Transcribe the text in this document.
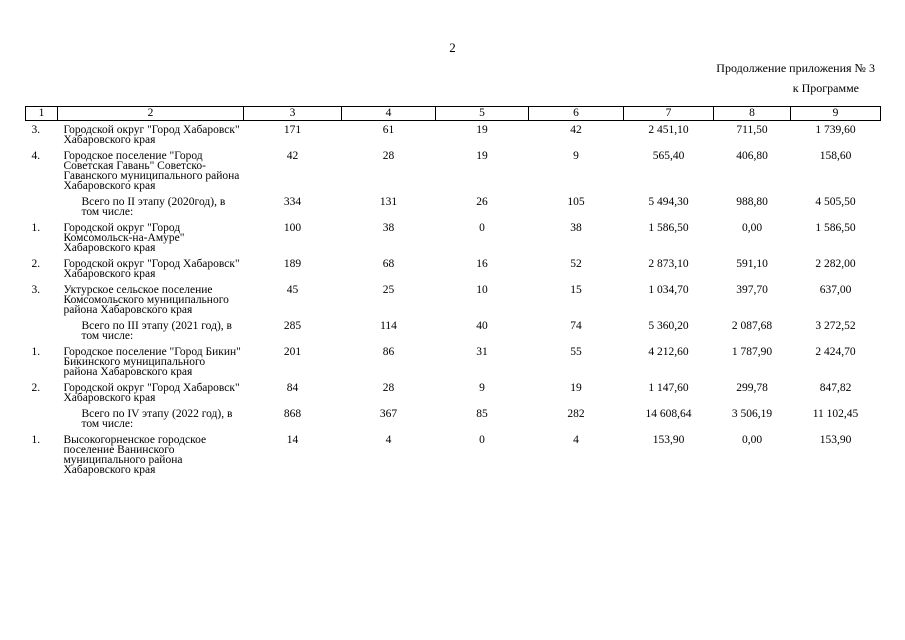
2
Продолжение приложения № 3
к Программе
1	2	3	4	5	6	7	8	9
3.	Городской округ "Город Хабаровск" Хабаровского края	171	61	19	42	2 451,10	711,50	1 739,60
4.	Городское поселение "Город Советская Гавань" Советско-Гаванского муниципального района Хабаровского края	42	28	19	9	565,40	406,80	158,60
	Всего по II этапу (2020год), в том числе:	334	131	26	105	5 494,30	988,80	4 505,50
1.	Городской округ "Город Комсомольск-на-Амуре" Хабаровского края	100	38	0	38	1 586,50	0,00	1 586,50
2.	Городской округ "Город Хабаровск" Хабаровского края	189	68	16	52	2 873,10	591,10	2 282,00
3.	Уктурское сельское поселение Комсомольского муниципального района Хабаровского края	45	25	10	15	1 034,70	397,70	637,00
	Всего по III этапу (2021 год), в том числе:	285	114	40	74	5 360,20	2 087,68	3 272,52
1.	Городское поселение "Город Бикин" Бикинского муниципального района Хабаровского края	201	86	31	55	4 212,60	1 787,90	2 424,70
2.	Городской округ "Город Хабаровск" Хабаровского края	84	28	9	19	1 147,60	299,78	847,82
	Всего по IV этапу (2022 год), в том числе:	868	367	85	282	14 608,64	3 506,19	11 102,45
1.	Высокогорненское городское поселение Ванинского муниципального района Хабаровского края	14	4	0	4	153,90	0,00	153,90
